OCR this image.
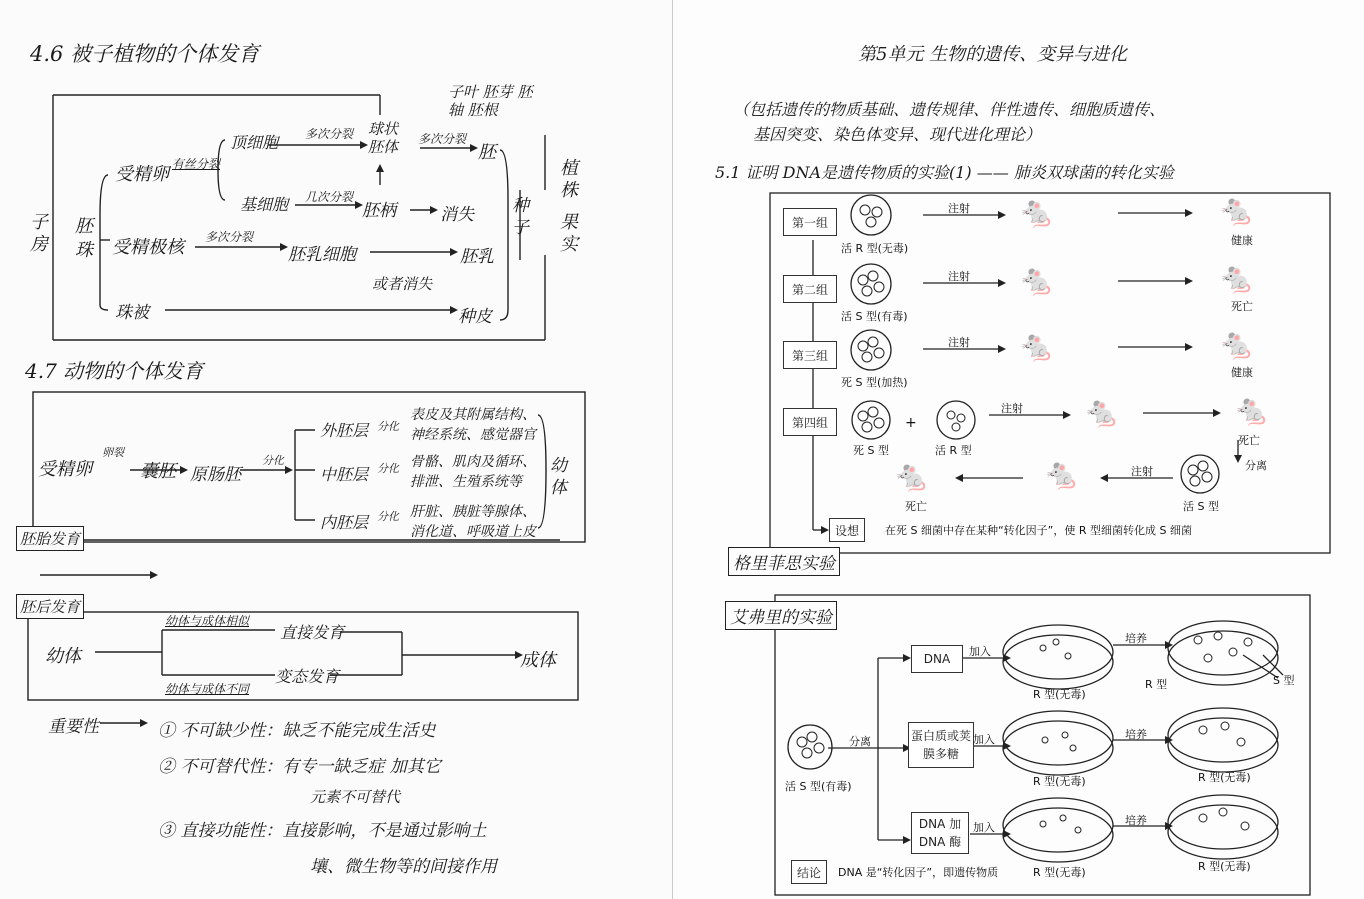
4.6 被子植物的个体发育
子叶 胚芽 胚轴 胚根
子房
胚珠
受精卵 有丝分裂
顶细胞 多次分裂 球状胚体	多次分裂
胚
基细胞 几次分裂
胚柄	消失
受精极核 多次分裂
胚乳细胞	胚乳
或者消失
珠被	种皮
种子
植株
果实
4.7 动物的个体发育
受精卵
卵裂
囊胚 原肠胚
分化
外胚层
中胚层
内胚层
分化
分化
分化
表皮及其附属结构、神经系统、感觉器官
骨骼、肌肉及循环、排泄、生殖系统等
肝脏、胰脏等腺体、消化道、呼吸道上皮
幼体
胚胎发育
胚后发育
幼体
幼体与成体相似
直接发育
幼体与成体不同
变态发育
成体
重要性	① 不可缺少性：缺乏不能完成生活史
② 不可替代性：有专一缺乏症 加其它
元素不可替代
③ 直接功能性：直接影响，不是通过影响土
壤、微生物等的间接作用
第5单元 生物的遗传、变异与进化
（包括遗传的物质基础、遗传规律、伴性遗传、细胞质遗传、
基因突变、染色体变异、现代进化理论）
5.1 证明 DNA是遗传物质的实验(1) —— 肺炎双球菌的转化实验
第一组
第二组
第三组
第四组
注射
注射
注射
注射
注射
活 R 型(无毒)
活 S 型(有毒)
死 S 型(加热)
死 S 型
+
活 R 型
🐁	🐁
🐁	🐁
🐁	🐁
🐁	🐁
🐁
🐁
健康
死亡
健康
死亡
分离
活 S 型
死亡
设想	在死 S 细菌中存在某种“转化因子”，使 R 型细菌转化成 S 细菌
格里菲思实验
艾弗里的实验
活 S 型(有毒)
分离
DNA
蛋白质或荚膜多糖
DNA 加 DNA 酶
加入
加入
加入
培养
培养
培养
R 型(无毒)
R 型(无毒)
R 型(无毒)
R 型	S 型
R 型(无毒)
R 型(无毒)
结论	DNA 是“转化因子”，即遗传物质
